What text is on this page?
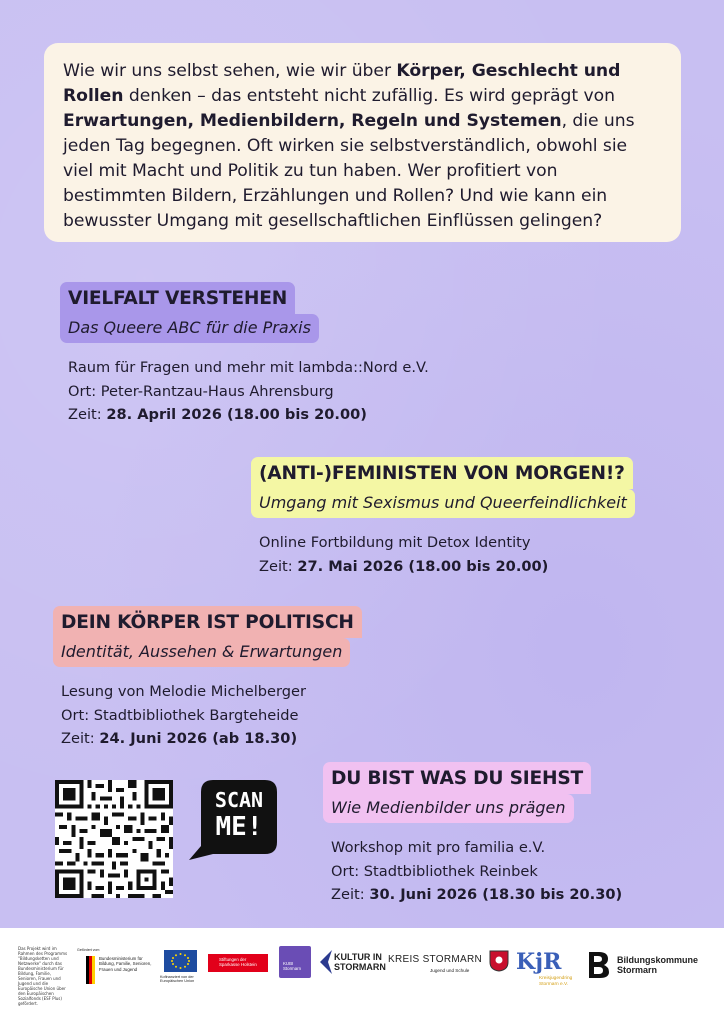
Wie wir uns selbst sehen, wie wir über Körper, Geschlecht und Rollen denken – das entsteht nicht zufällig. Es wird geprägt von Erwartungen, Medienbildern, Regeln und Systemen, die uns jeden Tag begegnen. Oft wirken sie selbstverständlich, obwohl sie viel mit Macht und Politik zu tun haben. Wer profitiert von bestimmten Bildern, Erzählungen und Rollen? Und wie kann ein bewusster Umgang mit gesellschaftlichen Einflüssen gelingen?
VIELFALT VERSTEHEN
Das Queere ABC für die Praxis
Raum für Fragen und mehr mit lambda::Nord e.V.
Ort: Peter-Rantzau-Haus Ahrensburg
Zeit: 28. April 2026 (18.00 bis 20.00)
(ANTI-)FEMINISTEN VON MORGEN!?
Umgang mit Sexismus und Queerfeindlichkeit
Online Fortbildung mit Detox Identity
Zeit: 27. Mai 2026 (18.00 bis 20.00)
DEIN KÖRPER IST POLITISCH
Identität, Aussehen & Erwartungen
Lesung von Melodie Michelberger
Ort: Stadtbibliothek Bargteheide
Zeit: 24. Juni 2026 (ab 18.30)
DU BIST WAS DU SIEHST
Wie Medienbilder uns prägen
Workshop mit pro familia e.V.
Ort: Stadtbibliothek Reinbek
Zeit: 30. Juni 2026 (18.30 bis 20.30)
SCAN
ME!
Das Projekt wird im Rahmen des Programms "Bildungsketten und Netzwerke" durch das Bundesministerium für Bildung, Familie, Senioren, Frauen und Jugend und die Europäische Union über den Europäischen Sozialfonds (ESF Plus) gefördert.
Gefördert vom
Bundesministerium für Bildung, Familie, Senioren, Frauen und Jugend
Kofinanziert von der Europäischen Union
Stiftungen der Sparkasse Holstein	KUBI Stormarn
KULTUR IN STORMARN
KREIS STORMARN
Jugend und Schule KjR
Kreisjugendring Stormarn e.V.
Bildungskommune Stormarn
